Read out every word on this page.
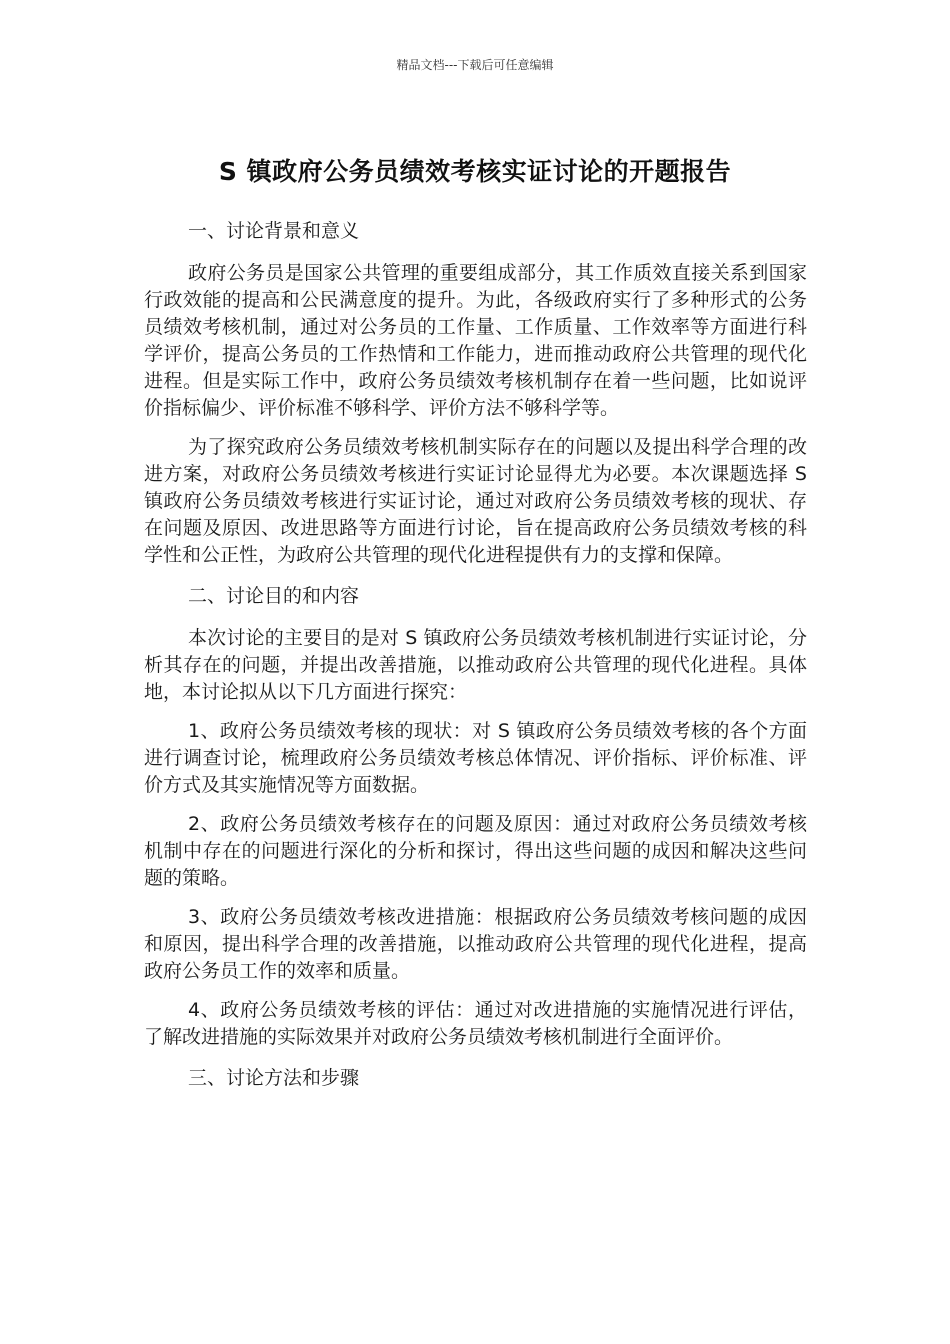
精品文档---下载后可任意编辑
S 镇政府公务员绩效考核实证讨论的开题报告
一、讨论背景和意义

政府公务员是国家公共管理的重要组成部分，其工作质效直接关系到国家行政效能的提高和公民满意度的提升。为此，各级政府实行了多种形式的公务员绩效考核机制，通过对公务员的工作量、工作质量、工作效率等方面进行科学评价，提高公务员的工作热情和工作能力，进而推动政府公共管理的现代化进程。但是实际工作中，政府公务员绩效考核机制存在着一些问题，比如说评价指标偏少、评价标准不够科学、评价方法不够科学等。

为了探究政府公务员绩效考核机制实际存在的问题以及提出科学合理的改进方案，对政府公务员绩效考核进行实证讨论显得尤为必要。本次课题选择 S 镇政府公务员绩效考核进行实证讨论，通过对政府公务员绩效考核的现状、存在问题及原因、改进思路等方面进行讨论，旨在提高政府公务员绩效考核的科学性和公正性，为政府公共管理的现代化进程提供有力的支撑和保障。

二、讨论目的和内容

本次讨论的主要目的是对 S 镇政府公务员绩效考核机制进行实证讨论，分析其存在的问题，并提出改善措施，以推动政府公共管理的现代化进程。具体地，本讨论拟从以下几方面进行探究：

1、政府公务员绩效考核的现状：对 S 镇政府公务员绩效考核的各个方面进行调查讨论，梳理政府公务员绩效考核总体情况、评价指标、评价标准、评价方式及其实施情况等方面数据。

2、政府公务员绩效考核存在的问题及原因：通过对政府公务员绩效考核机制中存在的问题进行深化的分析和探讨，得出这些问题的成因和解决这些问题的策略。

3、政府公务员绩效考核改进措施：根据政府公务员绩效考核问题的成因和原因，提出科学合理的改善措施，以推动政府公共管理的现代化进程，提高政府公务员工作的效率和质量。

4、政府公务员绩效考核的评估：通过对改进措施的实施情况进行评估，了解改进措施的实际效果并对政府公务员绩效考核机制进行全面评价。

三、讨论方法和步骤
